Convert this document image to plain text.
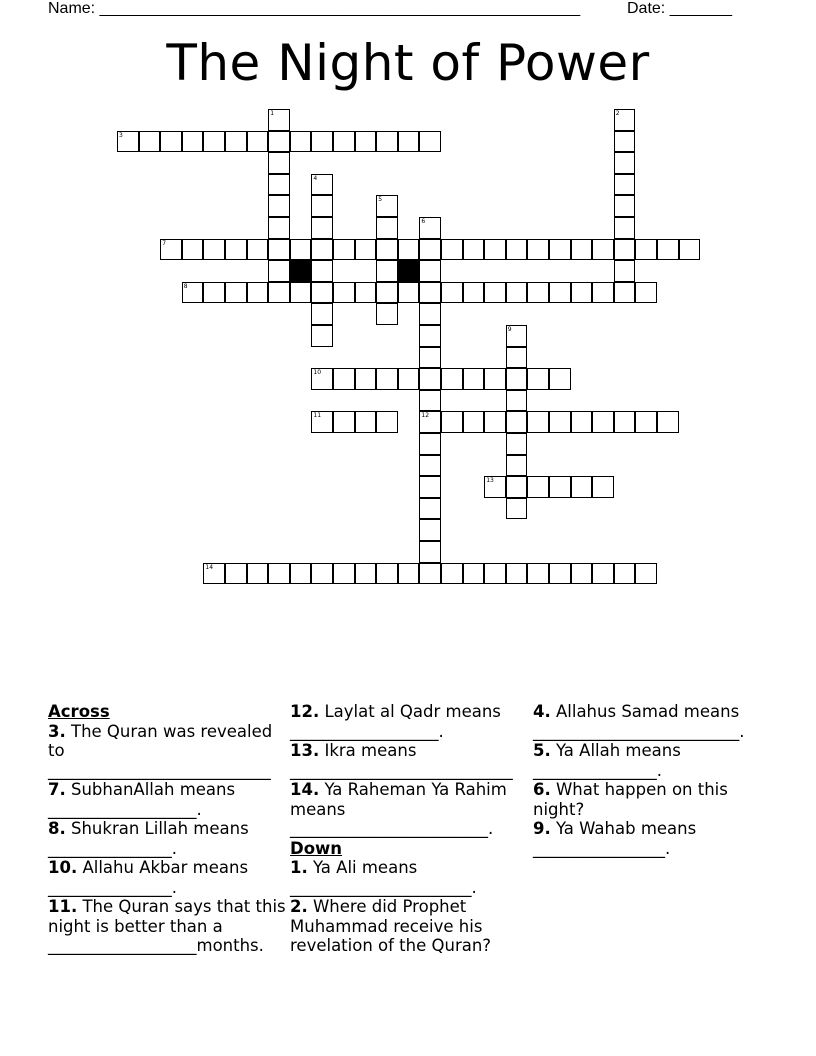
Name: ______________________________________________________	Date: _______
The Night of Power
1	2
3
4
5
6
12
7
8
9
10
11
13
14
Across
3. The Quran was revealed to ___________________________
7. SubhanAllah means __________________.
8. Shukran Lillah means _______________.
10. Allahu Akbar means _______________.
11. The Quran says that this night is better than a __________________months.
12. Laylat al Qadr means __________________.
13. Ikra means ___________________________
14. Ya Raheman Ya Rahim means ________________________.
Down
1. Ya Ali means ______________________.
2. Where did Prophet Muhammad receive his revelation of the Quran?
4. Allahus Samad means _________________________.
5. Ya Allah means _______________.
6. What happen on this night?
9. Ya Wahab means ________________.
